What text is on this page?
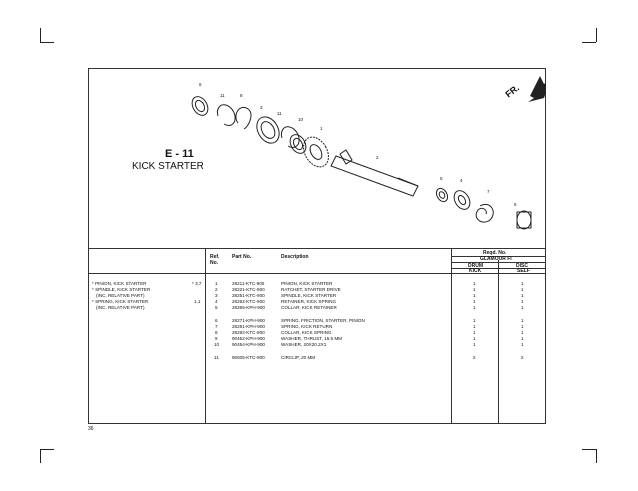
FR.
6
11	8
3
11
10
1
2
5	4
7
6
E - 11
KICK STARTER
Ref.
No.
Part No.	Description
Reqd. No.
GLAMOUR FI
DRUM
KICK
DISC
SELF
* PINION, KICK STARTER	* 3,7
* SPINDLE, KICK STARTER
(INC. RELATIVE PART)
* SPRING, KICK STARTER	1,1
(INC. RELATIVE PART)
1	28211-KTC-900	PINION, KICK STARTER	1	1
2	28221-KTC-900	RATCHET, STARTER DRIVE	1	1
3	28251-KTC-900	SPINDLE, KICK STARTER	1	1
4	28262-KTC-900	RETAINER, KICK SPRING	1	1
5	28265-KPH-900	COLLAR, KICK RETAINER	1	1
6	28271-KPH-900	SPRING, FRICTION, STARTER, PINION	1	1
7	28281-KPH-900	SPRING, KICK RETURN	1	1
8	28282-KTC-900	COLLAR, KICK SPRING	1	1
9	90452-KPH-900	WASHER, THRUST, 15.5 MM	1	1
10	90454-KPH-900	WASHER, 20X20.2X1	1	1
11	90605-KTC-900	CIRCLIP, 20 MM	2	2
36
